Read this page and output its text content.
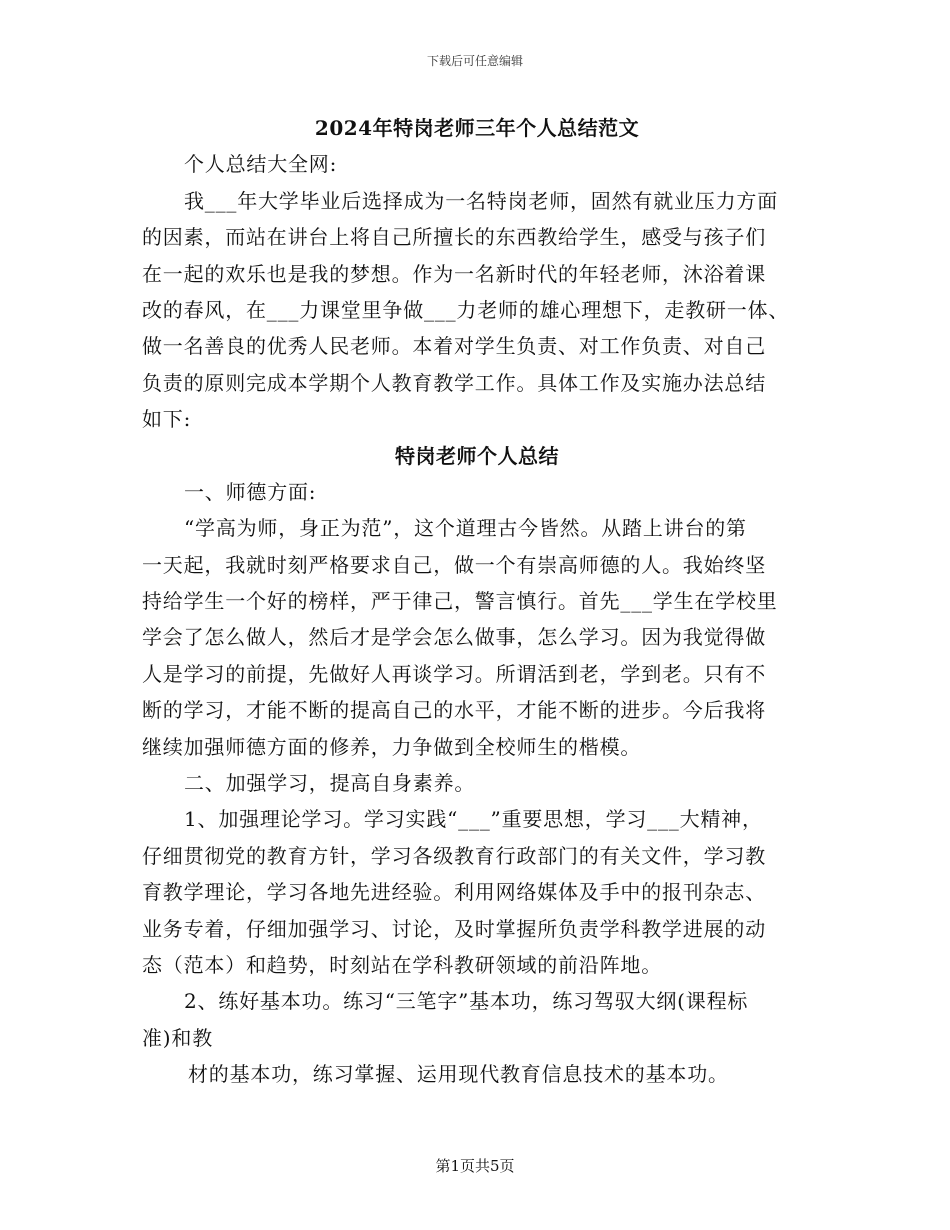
下载后可任意编辑
2024年特岗老师三年个人总结范文
个人总结大全网:
我___年大学毕业后选择成为一名特岗老师，固然有就业压力方面
的因素，而站在讲台上将自己所擅长的东西教给学生，感受与孩子们
在一起的欢乐也是我的梦想。作为一名新时代的年轻老师，沐浴着课
改的春风，在___力课堂里争做___力老师的雄心理想下，走教研一体、
做一名善良的优秀人民老师。本着对学生负责、对工作负责、对自己
负责的原则完成本学期个人教育教学工作。具体工作及实施办法总结
如下:
特岗老师个人总结
一、师德方面:
“学高为师，身正为范”，这个道理古今皆然。从踏上讲台的第
一天起，我就时刻严格要求自己，做一个有崇高师德的人。我始终坚
持给学生一个好的榜样，严于律己，警言慎行。首先___学生在学校里
学会了怎么做人，然后才是学会怎么做事，怎么学习。因为我觉得做
人是学习的前提，先做好人再谈学习。所谓活到老，学到老。只有不
断的学习，才能不断的提高自己的水平，才能不断的进步。今后我将
继续加强师德方面的修养，力争做到全校师生的楷模。
二、加强学习，提高自身素养。
1、加强理论学习。学习实践“___”重要思想，学习___大精神，
仔细贯彻党的教育方针，学习各级教育行政部门的有关文件，学习教
育教学理论，学习各地先进经验。利用网络媒体及手中的报刊杂志、
业务专着，仔细加强学习、讨论，及时掌握所负责学科教学进展的动
态（范本）和趋势，时刻站在学科教研领域的前沿阵地。
2、练好基本功。练习“三笔字”基本功，练习驾驭大纲(课程标
准)和教
材的基本功，练习掌握、运用现代教育信息技术的基本功。
第1页共5页
